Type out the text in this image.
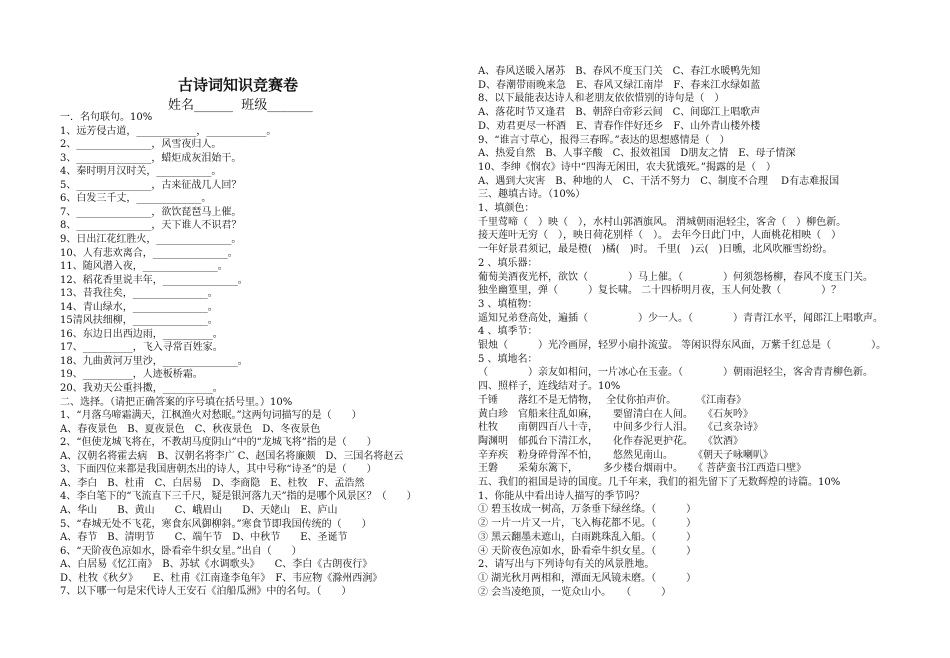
古诗词知识竞赛卷
姓名______  班级_______
一．名句联句。10%
1、远芳侵古道，____________，____________。
2、_______________，风雪夜归人。
3、_______________，蜡炬成灰泪始干。
4、秦时明月汉时关，___________。
5、_______________，古来征战几人回？
6、白发三千丈，_____________。
7、_______________，欲饮琵琶马上催。
8、_______________，天下谁人不识君？
9、日出江花红胜火，_______________。
10、人有悲欢离合，_______________。
11、随风潜入夜，_______________。
12、稻花香里说丰年，_______________。
13、昔我往矣，_______________。
14、青山绿水，_______________。
15清风扶细柳，_______________。
16、东边日出西边雨，__________。
17、__________，飞入寻常百姓家。
18、九曲黄河万里沙，_______________。
19、__________，人迹板桥霜。
20、我劝天公重抖擞，__________。
二、选择。（请把正确答案的序号填在括号里。）10%
1、“月落乌啼霜满天，江枫渔火对愁眠。”这两句词描写的是（　　）
A、春夜景色　B、夏夜景色　C、秋夜景色　D、冬夜景色
2、“但使龙城飞将在，不教胡马度阴山”中的“龙城飞将”指的是（　　）
A、汉朝名将霍去病　B、汉朝名将李广 C、赵国名将廉颇　D、三国名将赵云
3、下面四位来都是我国唐朝杰出的诗人，其中号称“诗圣”的是（　　）
A、李白　B、杜甫　C、白居易　D、李商隐　E、杜牧　F、孟浩然
4、李白笔下的“飞流直下三千尺，疑是银河落九天”指的是哪个风景区？（　　）
A、华山　　B、黄山　　C、峨眉山　　D、天姥山　E、庐山
5、“春城无处不飞花，寒食东风御柳斜。”寒食节即我国传统的（　　）
A、春节　B、清明节　　C、端午节　D、中秋节　　E、圣诞节
6、“天阶夜色凉如水，卧看牵牛织女星。”出自（　　）
A、白居易《忆江南》　B、苏轼《水调歌头》　　C、李白《古朗夜行》
D、杜牧《秋夕》　　E、杜甫《江南逢李龟年》　F、韦应物《滁州西涧》
7、以下哪一句是宋代诗人王安石《泊船瓜洲》中的名句。（　　）
A、春风送暖入屠苏　B、春风不度玉门关　C、春江水暖鸭先知
D、春潮带雨晚来急　E、春风又绿江南岸　F、春来江水绿如蓝
8、以下最能表达诗人和老朋友依依惜别的诗句是（　）
A、落花时节又逢君　B、朝辞白帝彩云间　C、间邸江上唱歌声
D、劝君更尽一杯酒　E、青春作伴好还乡　F、山外青山楼外楼
9、“谁言寸草心，报得三春晖。”表达的思想感情是（　）
A、热爱自然　B、人事辛酸　C、报效祖国　D朋友之情　E、母子情深
10、李绅《悯农》诗中“四海无闲田，农夫犹饿死。”揭露的是（　）
A、遇到大灾害　B、种地的人　C、干活不努力　C、制度不合理　 D有志难报国
三、趣填古诗。（10%）
1、填颜色：
千里莺啼（　）映（　），水村山郭酒旗风。 渭城朝雨浥轻尘，客舍（　）柳色新。
接天莲叶无穷（　），映日荷花别样（　）。 去年今日此门中，人面桃花相映（　）
一年好景君须记，最是橙(　)橘(　)时。 千里(　)云(　)日曛，北风吹雁雪纷纷。
2 、填乐器：
葡萄美酒夜光杯，欲饮（　　　　）马上催。（　　　　）何须怨杨柳，春风不度玉门关。
独坐幽篁里，弹（　　　）复长啸。 二十四桥明月夜，玉人何处教（　　　　）？
3 、填植物：
遥知兄弟登高处，遍插（　　　　　）少一人。（　　　　）青青江水平，闻郎江上唱歌声。
4 、填季节：
银烛（　　　）光冷画屏，轻罗小扇扑流萤。 等闲识得东风面，万紫千红总是（　　　　）。
5 、填地名：
（　　　　）亲友如相问，一片冰心在玉壶。（　　　　）朝雨浥轻尘，客舍青青柳色新。
四、照样子，连线结对子。10%
千锤　　落红不是无情物，　 全仗你拍声价。　　　《江南春》
黄白珍　官船来往乱如麻，　　要留清白在人间。　　《石灰吟》
杜牧　　南朝四百八十寺，　　中间多少行人泪。　　《己亥杂诗》
陶渊明　郁孤台下清江水，　　化作春泥更护花。　　《饮酒》
辛弃疾　粉身碎骨浑不怕，　　悠然见南山。　　　《朝天子咏喇叭》
王磐　　采菊东篱下，　　　多少楼台烟雨中。　　《 菩萨蛮书江西造口壁》
五、我们的祖国是诗的国度。几千年来，我们的祖先留下了无数辉煌的诗篇。10%
1、你能从中看出诗人描写的季节吗？
① 碧玉妆成一树高，万条垂下绿丝绦。（　　　）
② 一片一片又一片，飞入梅花都不见。（　　　）
③ 黑云翻墨未遮山，白雨跳珠乱入船。（　　　）
④ 天阶夜色凉如水，卧看牵牛织女星。（　　　）
2、请写出与下列诗句有关的风景胜地。
① 湖光秋月两相和，潭面无风镜未磨。（　　　）
② 会当凌绝顶，一览众山小。　　（　　　）
